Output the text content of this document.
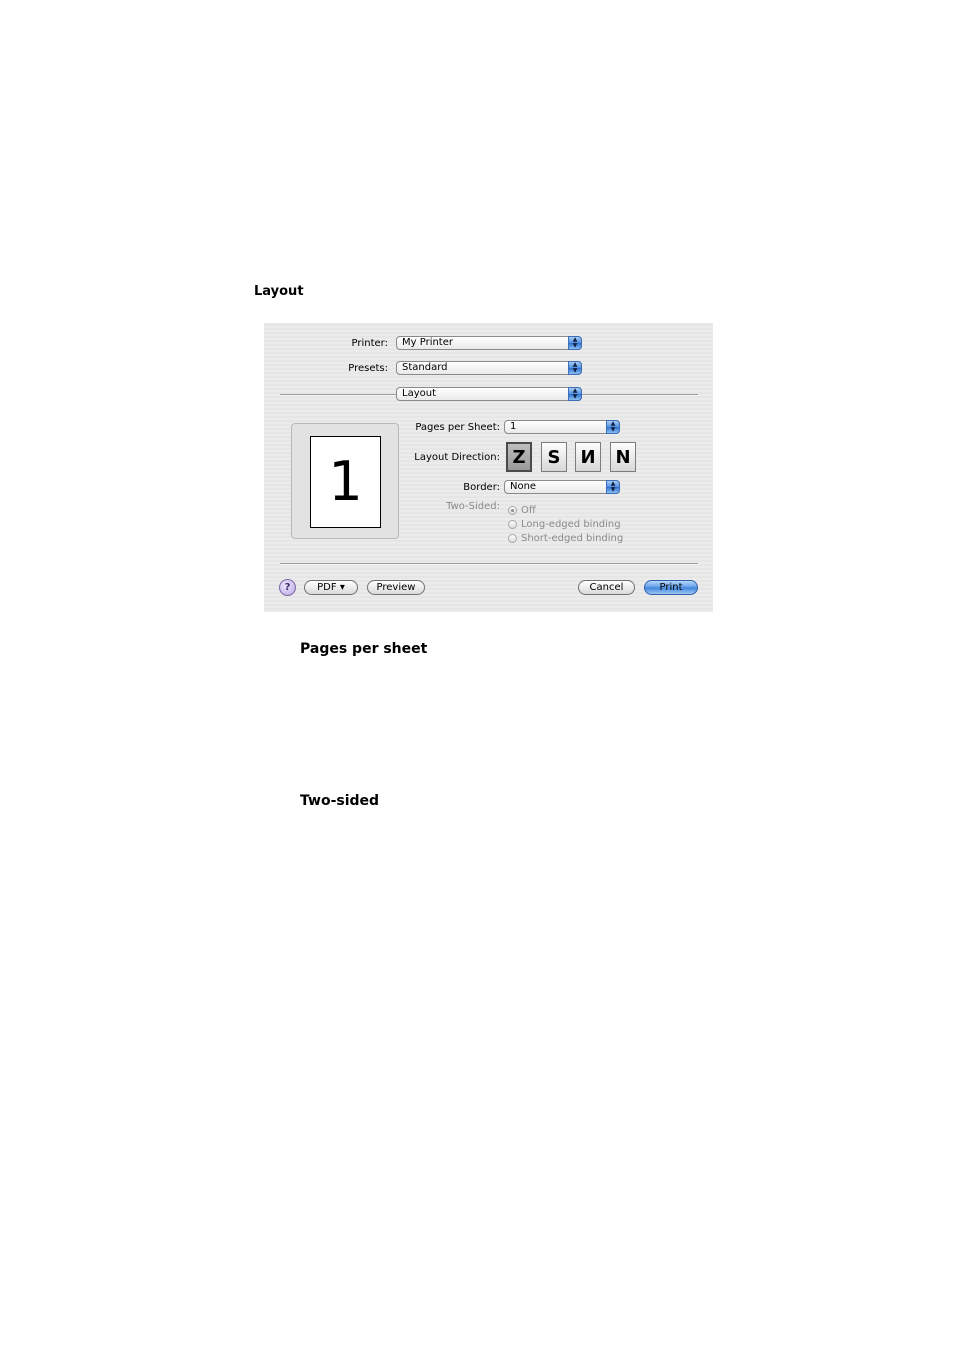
Layout
Printer: My Printer	▲
▼
Presets: Standard	▲
▼
Layout	▲
▼
1
Pages per Sheet: 1	▲
▼
Layout Direction: Z S И N
Border: None	▲
▼
Two-Sided: Off
Long-edged binding
Short-edged binding
?	PDF ▾	Preview	Cancel	Print
Pages per sheet
Two-sided
